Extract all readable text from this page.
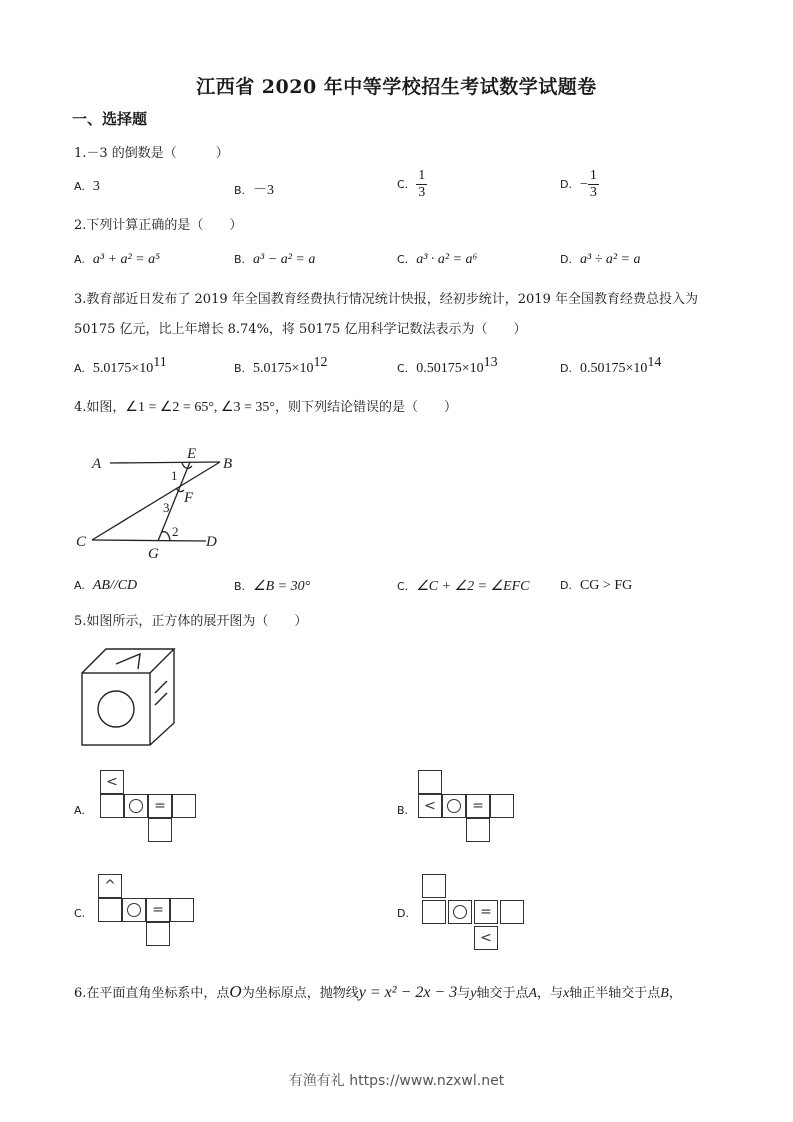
江西省 2020 年中等学校招生考试数学试题卷
一、选择题
1.－3 的倒数是（　　　）
A. 3	B. －3	C. $\frac{1}{3}$	D. − $\frac{1}{3}$
2.下列计算正确的是（　　）
A. a³ + a² = a⁵	B. a³ − a² = a	C. a³ · a² = a⁶	D. a³ ÷ a² = a
3.教育部近日发布了 2019 年全国教育经费执行情况统计快报，经初步统计，2019 年全国教育经费总投入为
50175 亿元，比上年增长 8.74%，将 50175 亿用科学记数法表示为（　　）
A. $5.0175\times 10^{11}$	B. $5.0175\times 10^{12}$	C. $0.50175\times 10^{13}$	D. $0.50175\times 10^{14}$
4.如图，∠1 = ∠2 = 65°, ∠3 = 35°，则下列结论错误的是（　　）
A
E
B
F
C
G
D
1
3
2
A. AB//CD	B. ∠B = 30°	C. ∠C + ∠2 = ∠EFC	D. CG > FG
5.如图所示，正方体的展开图为（　　）
A.
<
=	B.	<	=
C.
^
=	D.	=
<
6.在平面直角坐标系中，点O为坐标原点，抛物线y = x² − 2x − 3与y轴交于点A，与x轴正半轴交于点B，
有渔有礼 https://www.nzxwl.net
